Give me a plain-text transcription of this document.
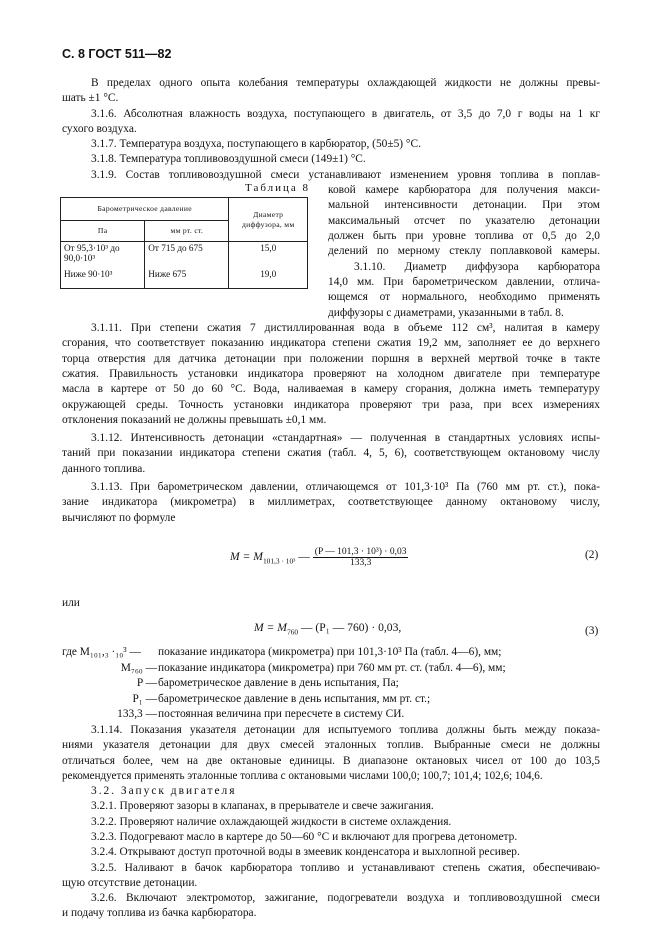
С. 8 ГОСТ 511—82
В пределах одного опыта колебания температуры охлаждающей жидкости не должны превы-
шать ±1 °С.
3.1.6. Абсолютная влажность воздуха, поступающего в двигатель, от 3,5 до 7,0 г воды на 1 кг
сухого воздуха.
3.1.7. Температура воздуха, поступающего в карбюратор, (50±5) °С.
3.1.8. Температура топливовоздушной смеси (149±1) °С.
3.1.9. Состав топливовоздушной смеси устанавливают изменением уровня топлива в поплав-
ковой камере карбюратора для получения макси-
мальной интенсивности детонации. При этом
максимальный отсчет по указателю детонации
должен быть при уровне топлива от 0,5 до 2,0
делений по мерному стеклу поплавковой камеры.
3.1.10. Диаметр диффузора карбюратора
14,0 мм. При барометрическом давлении, отлича-
ющемся от нормального, необходимо применять
диффузоры с диаметрами, указанными в табл. 8.
Таблица 8
Барометрическое давление		Диаметр диффузора, мм
Па	мм рт. ст.	
От 95,3·10³ до 90,0·10³	От 715 до 675	15,0
Ниже 90·10³	Ниже 675	19,0
3.1.11. При степени сжатия 7 дистиллированная вода в объеме 112 см³, налитая в камеру
сгорания, что соответствует показанию индикатора степени сжатия 19,2 мм, заполняет ее до верхнего
торца отверстия для датчика детонации при положении поршня в верхней мертвой точке в такте
сжатия. Правильность установки индикатора проверяют на холодном двигателе при температуре
масла в картере от 50 до 60 °С. Вода, наливаемая в камеру сгорания, должна иметь температуру
окружающей среды. Точность установки индикатора проверяют три раза, при всех измерениях
отклонения показаний не должны превышать ±0,1 мм.
3.1.12. Интенсивность детонации «стандартная» — полученная в стандартных условиях испы-
таний при показании индикатора степени сжатия (табл. 4, 5, 6), соответствующем октановому числу
данного топлива.
3.1.13. При барометрическом давлении, отличающемся от 101,3·10³ Па (760 мм рт. ст.), пока-
зание индикатора (микрометра) в миллиметрах, соответствующее данному октановому числу,
вычисляют по формуле
$M = M_{101,3 \cdot 10^3}$ — $\frac{\text{(P — 101,3 · 10³) · 0,03}}{133,3}$	(2)
или
$M = M_{760}$ — (P₁ — 760) · 0,03,	(3)
где M₁₀₁,₃ ·₁₀³ —	показание индикатора (микрометра) при 101,3·10³ Па (табл. 4—6), мм;
M₇₆₀ — показание индикатора (микрометра) при 760 мм рт. ст. (табл. 4—6), мм;
P — барометрическое давление в день испытания, Па;
P₁ — барометрическое давление в день испытания, мм рт. ст.;
133,3 — постоянная величина при пересчете в систему СИ.
3.1.14. Показания указателя детонации для испытуемого топлива должны быть между показа-
ниями указателя детонации для двух смесей эталонных топлив. Выбранные смеси не должны
отличаться более, чем на две октановые единицы. В диапазоне октановых чисел от 100 до 103,5
рекомендуется применять эталонные топлива с октановыми числами 100,0; 100,7; 101,4; 102,6; 104,6.
3.2. Запуск двигателя
3.2.1. Проверяют зазоры в клапанах, в прерывателе и свече зажигания.
3.2.2. Проверяют наличие охлаждающей жидкости в системе охлаждения.
3.2.3. Подогревают масло в картере до 50—60 °С и включают для прогрева детонометр.
3.2.4. Открывают доступ проточной воды в змеевик конденсатора и выхлопной ресивер.
3.2.5. Наливают в бачок карбюратора топливо и устанавливают степень сжатия, обеспечиваю-
щую отсутствие детонации.
3.2.6. Включают электромотор, зажигание, подогреватели воздуха и топливовоздушной смеси
и подачу топлива из бачка карбюратора.
